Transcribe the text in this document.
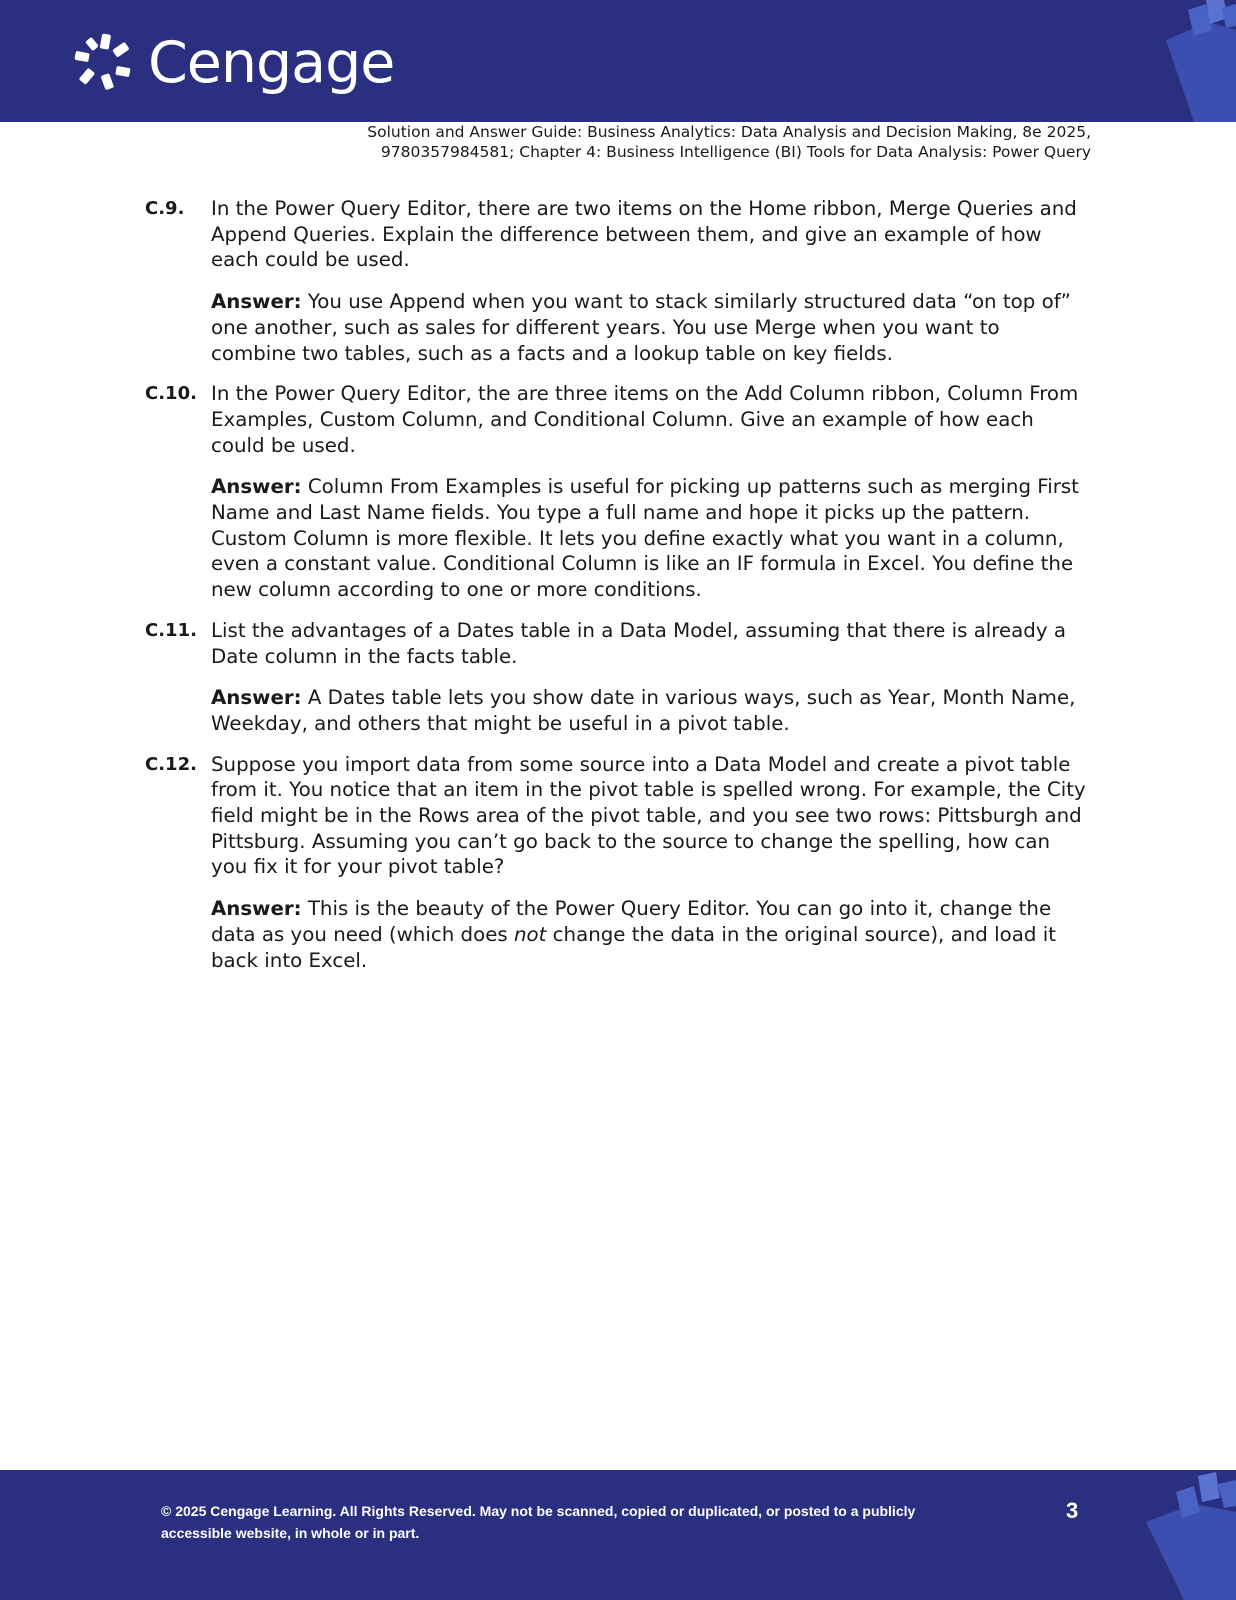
Cengage
Solution and Answer Guide: Business Analytics: Data Analysis and Decision Making, 8e 2025,
9780357984581; Chapter 4: Business Intelligence (BI) Tools for Data Analysis: Power Query
C.9. In the Power Query Editor, there are two items on the Home ribbon, Merge Queries and Append Queries. Explain the difference between them, and give an example of how each could be used.

Answer: You use Append when you want to stack similarly structured data “on top of” one another, such as sales for different years. You use Merge when you want to combine two tables, such as a facts and a lookup table on key fields.

C.10. In the Power Query Editor, the are three items on the Add Column ribbon, Column From Examples, Custom Column, and Conditional Column. Give an example of how each could be used.

Answer: Column From Examples is useful for picking up patterns such as merging First Name and Last Name fields. You type a full name and hope it picks up the pattern. Custom Column is more flexible. It lets you define exactly what you want in a column, even a constant value. Conditional Column is like an IF formula in Excel. You define the new column according to one or more conditions.

C.11. List the advantages of a Dates table in a Data Model, assuming that there is already a Date column in the facts table.

Answer: A Dates table lets you show date in various ways, such as Year, Month Name, Weekday, and others that might be useful in a pivot table.

C.12. Suppose you import data from some source into a Data Model and create a pivot table from it. You notice that an item in the pivot table is spelled wrong. For example, the City field might be in the Rows area of the pivot table, and you see two rows: Pittsburgh and Pittsburg. Assuming you can’t go back to the source to change the spelling, how can you fix it for your pivot table?

Answer: This is the beauty of the Power Query Editor. You can go into it, change the data as you need (which does not change the data in the original source), and load it back into Excel.

© 2025 Cengage Learning. All Rights Reserved. May not be scanned, copied or duplicated, or posted to a publicly
accessible website, in whole or in part.
3
